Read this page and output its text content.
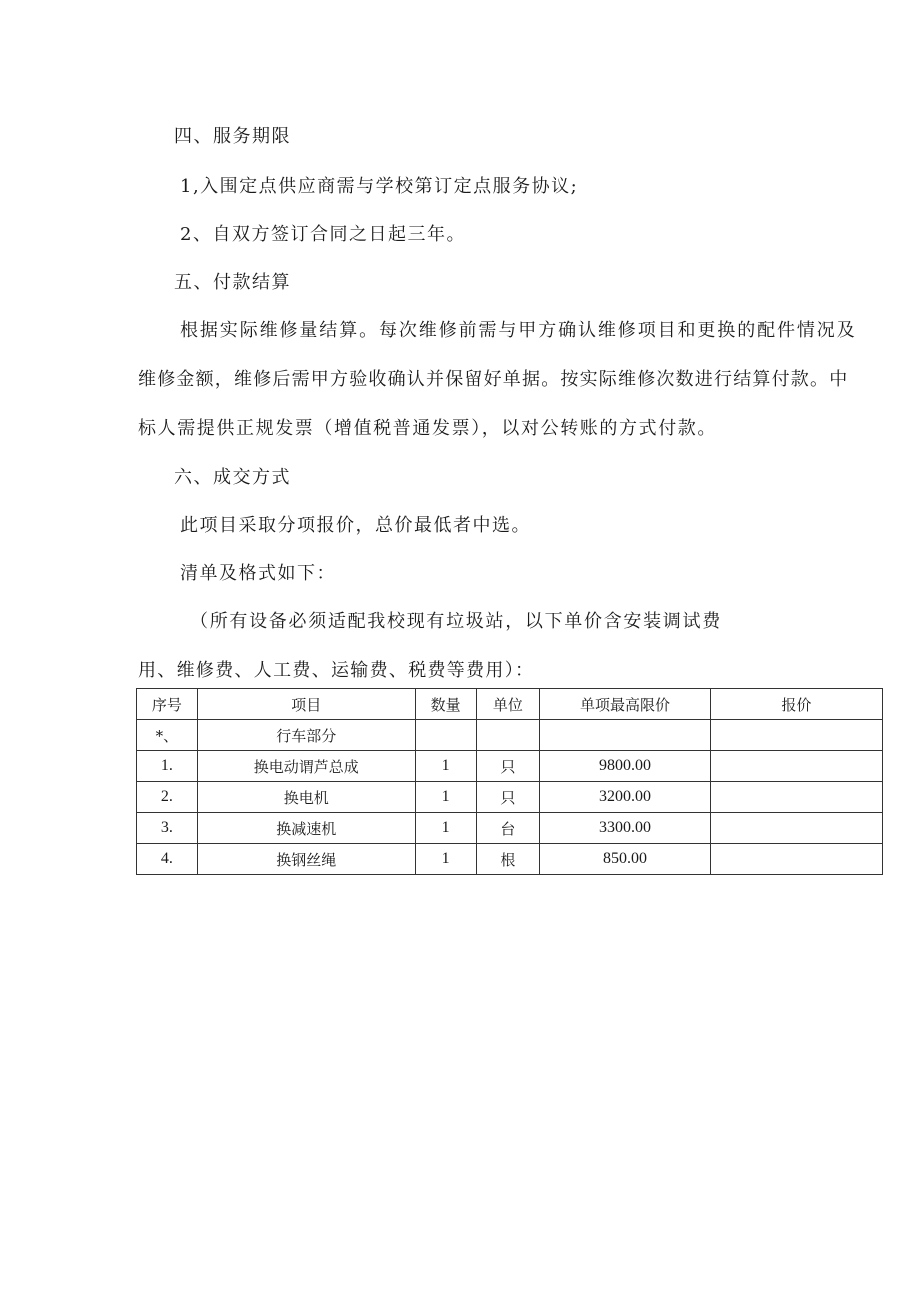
四、服务期限
1,入围定点供应商需与学校第订定点服务协议;
2、自双方签订合同之日起三年。
五、付款结算
根据实际维修量结算。每次维修前需与甲方确认维修项目和更换的配件情况及
维修金额，维修后需甲方验收确认并保留好单据。按实际维修次数进行结算付款。中
标人需提供正规发票（增值税普通发票），以对公转账的方式付款。
六、成交方式
此项目采取分项报价，总价最低者中选。
清单及格式如下：
（所有设备必须适配我校现有垃圾站，以下单价含安装调试费
用、维修费、人工费、运输费、税费等费用）：
序号	项目	数量	单位	单项最高限价	报价
*、	行车部分				
1.	换电动谓芦总成	1	只	9800.00	
2.	换电机	1	只	3200.00	
3.	换减速机	1	台	3300.00	
4.	换钢丝绳	1	根	850.00	
